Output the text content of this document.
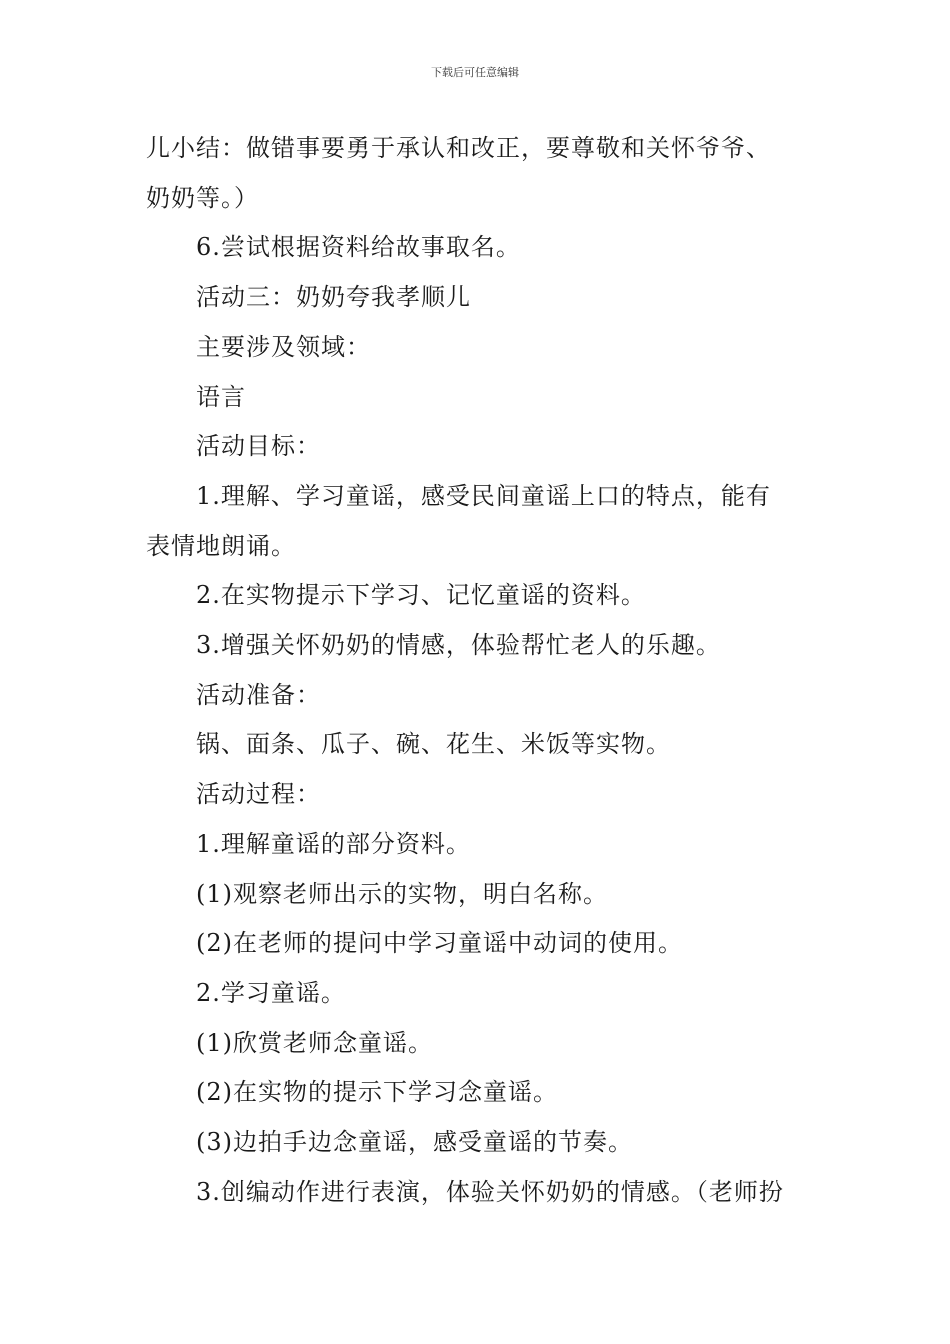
下载后可任意编辑

儿小结：做错事要勇于承认和改正，要尊敬和关怀爷爷、

奶奶等。）

6.尝试根据资料给故事取名。

活动三：奶奶夸我孝顺儿

主要涉及领域：

语言

活动目标：

1.理解、学习童谣，感受民间童谣上口的特点，能有

表情地朗诵。

2.在实物提示下学习、记忆童谣的资料。

3.增强关怀奶奶的情感，体验帮忙老人的乐趣。

活动准备：

锅、面条、瓜子、碗、花生、米饭等实物。

活动过程：

1.理解童谣的部分资料。

(1)观察老师出示的实物，明白名称。

(2)在老师的提问中学习童谣中动词的使用。

2.学习童谣。

(1)欣赏老师念童谣。

(2)在实物的提示下学习念童谣。

(3)边拍手边念童谣，感受童谣的节奏。

3.创编动作进行表演，体验关怀奶奶的情感。（老师扮
